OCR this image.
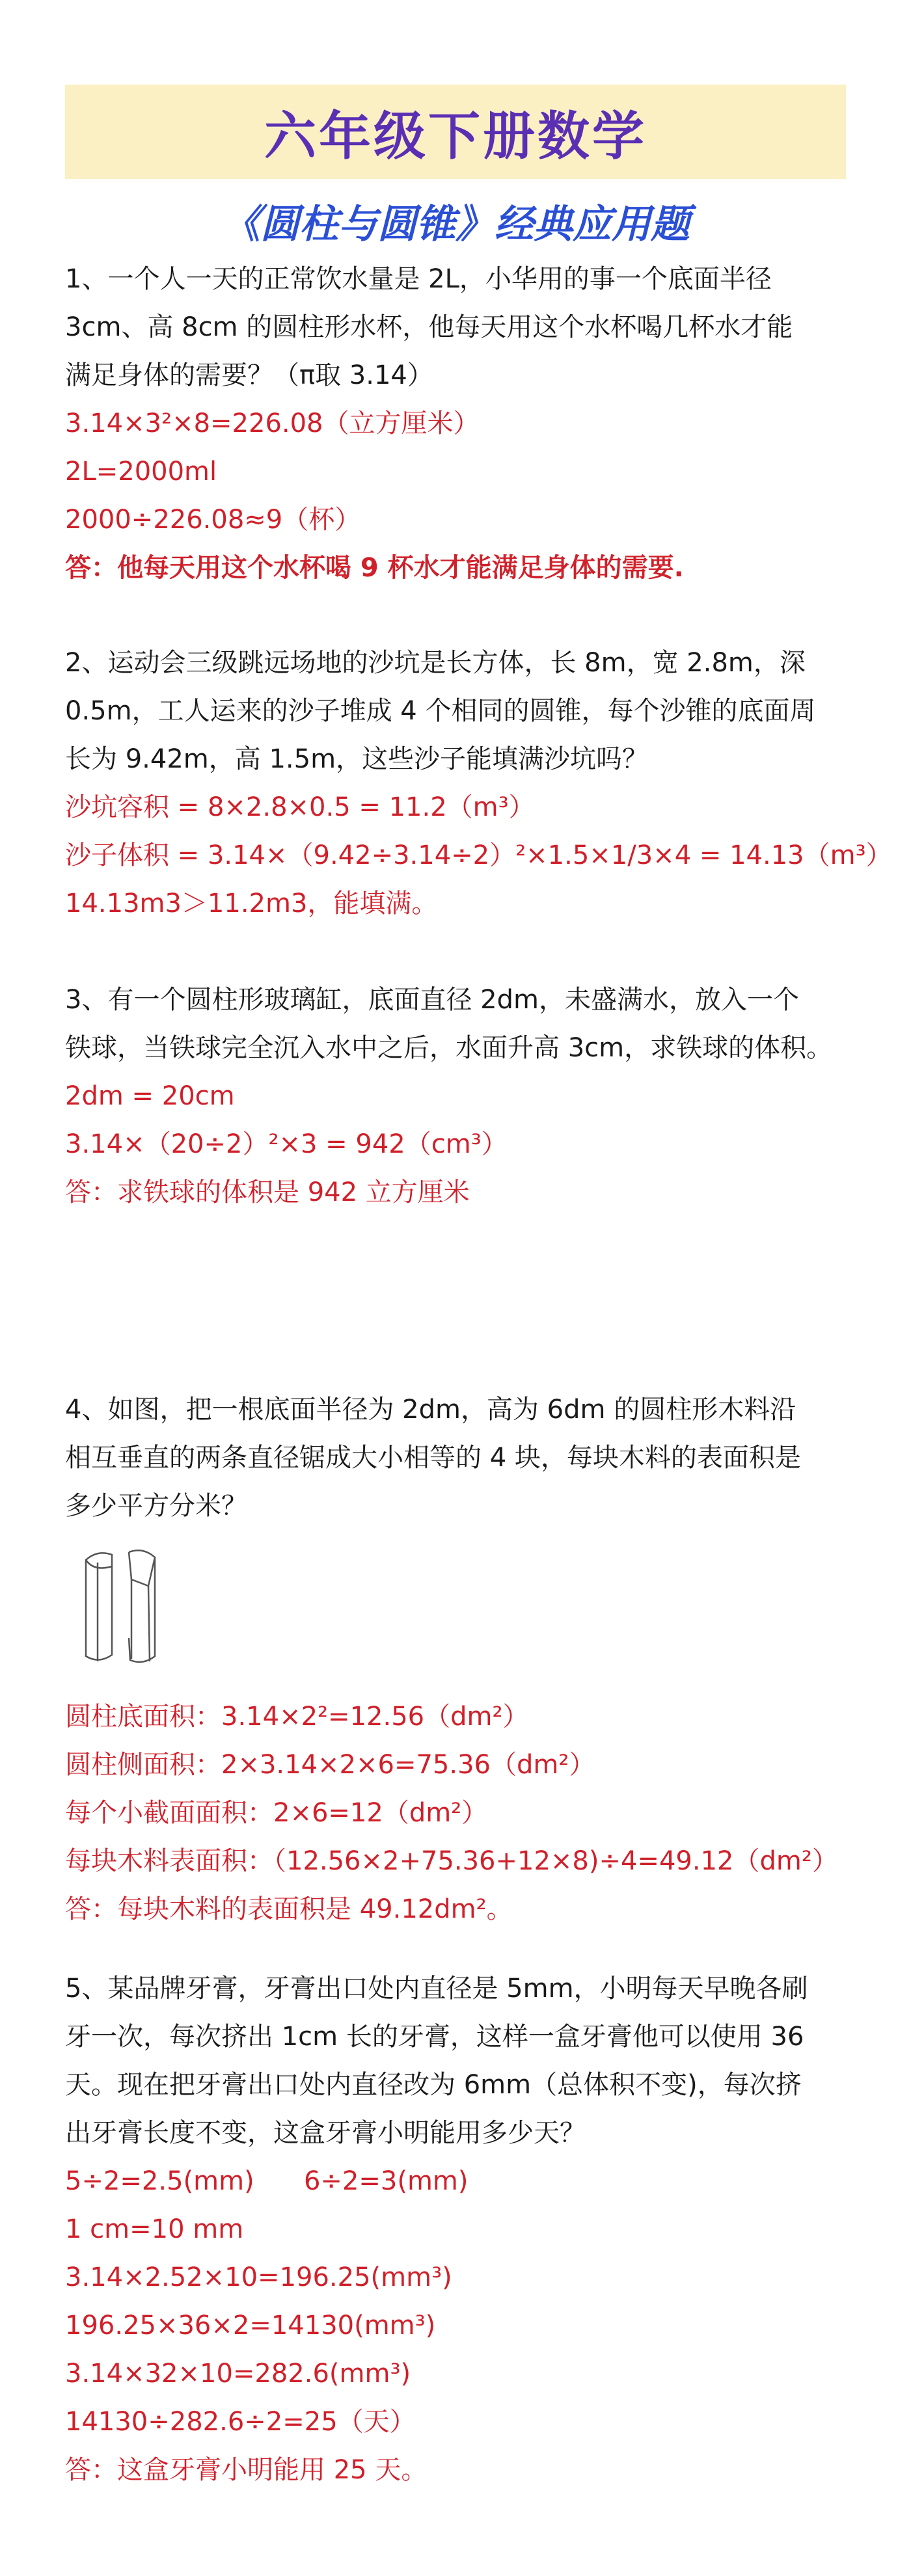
六年级下册数学
《圆柱与圆锥》经典应用题

1、一个人一天的正常饮水量是 2L，小华用的事一个底面半径

3cm、高 8cm 的圆柱形水杯，他每天用这个水杯喝几杯水才能

满足身体的需要？（π取 3.14）

3.14×3²×8=226.08（立方厘米）

2L=2000ml

2000÷226.08≈9（杯）

答：他每天用这个水杯喝 9 杯水才能满足身体的需要.

2、运动会三级跳远场地的沙坑是长方体，长 8m，宽 2.8m，深

0.5m，工人运来的沙子堆成 4 个相同的圆锥，每个沙锥的底面周

长为 9.42m，高 1.5m，这些沙子能填满沙坑吗？

沙坑容积 = 8×2.8×0.5 = 11.2（m³）

沙子体积 = 3.14×（9.42÷3.14÷2）²×1.5×1/3×4 = 14.13（m³）

14.13m3＞11.2m3，能填满。

3、有一个圆柱形玻璃缸，底面直径 2dm，未盛满水，放入一个

铁球，当铁球完全沉入水中之后，水面升高 3cm，求铁球的体积。

2dm = 20cm

3.14×（20÷2）²×3 = 942（cm³）

答：求铁球的体积是 942 立方厘米

4、如图，把一根底面半径为 2dm，高为 6dm 的圆柱形木料沿

相互垂直的两条直径锯成大小相等的 4 块，每块木料的表面积是

多少平方分米？

圆柱底面积：3.14×2²=12.56（dm²）

圆柱侧面积：2×3.14×2×6=75.36（dm²）

每个小截面面积：2×6=12（dm²）

每块木料表面积：（12.56×2+75.36+12×8)÷4=49.12（dm²）

答：每块木料的表面积是 49.12dm²。

5、某品牌牙膏，牙膏出口处内直径是 5mm，小明每天早晚各刷

牙一次，每次挤出 1cm 长的牙膏，这样一盒牙膏他可以使用 36

天。现在把牙膏出口处内直径改为 6mm（总体积不变)，每次挤

出牙膏长度不变，这盒牙膏小明能用多少天？

5÷2=2.5(mm)      6÷2=3(mm)

1 cm=10 mm

3.14×2.52×10=196.25(mm³)

196.25×36×2=14130(mm³)

3.14×32×10=282.6(mm³)

14130÷282.6÷2=25（天）

答：这盒牙膏小明能用 25 天。
